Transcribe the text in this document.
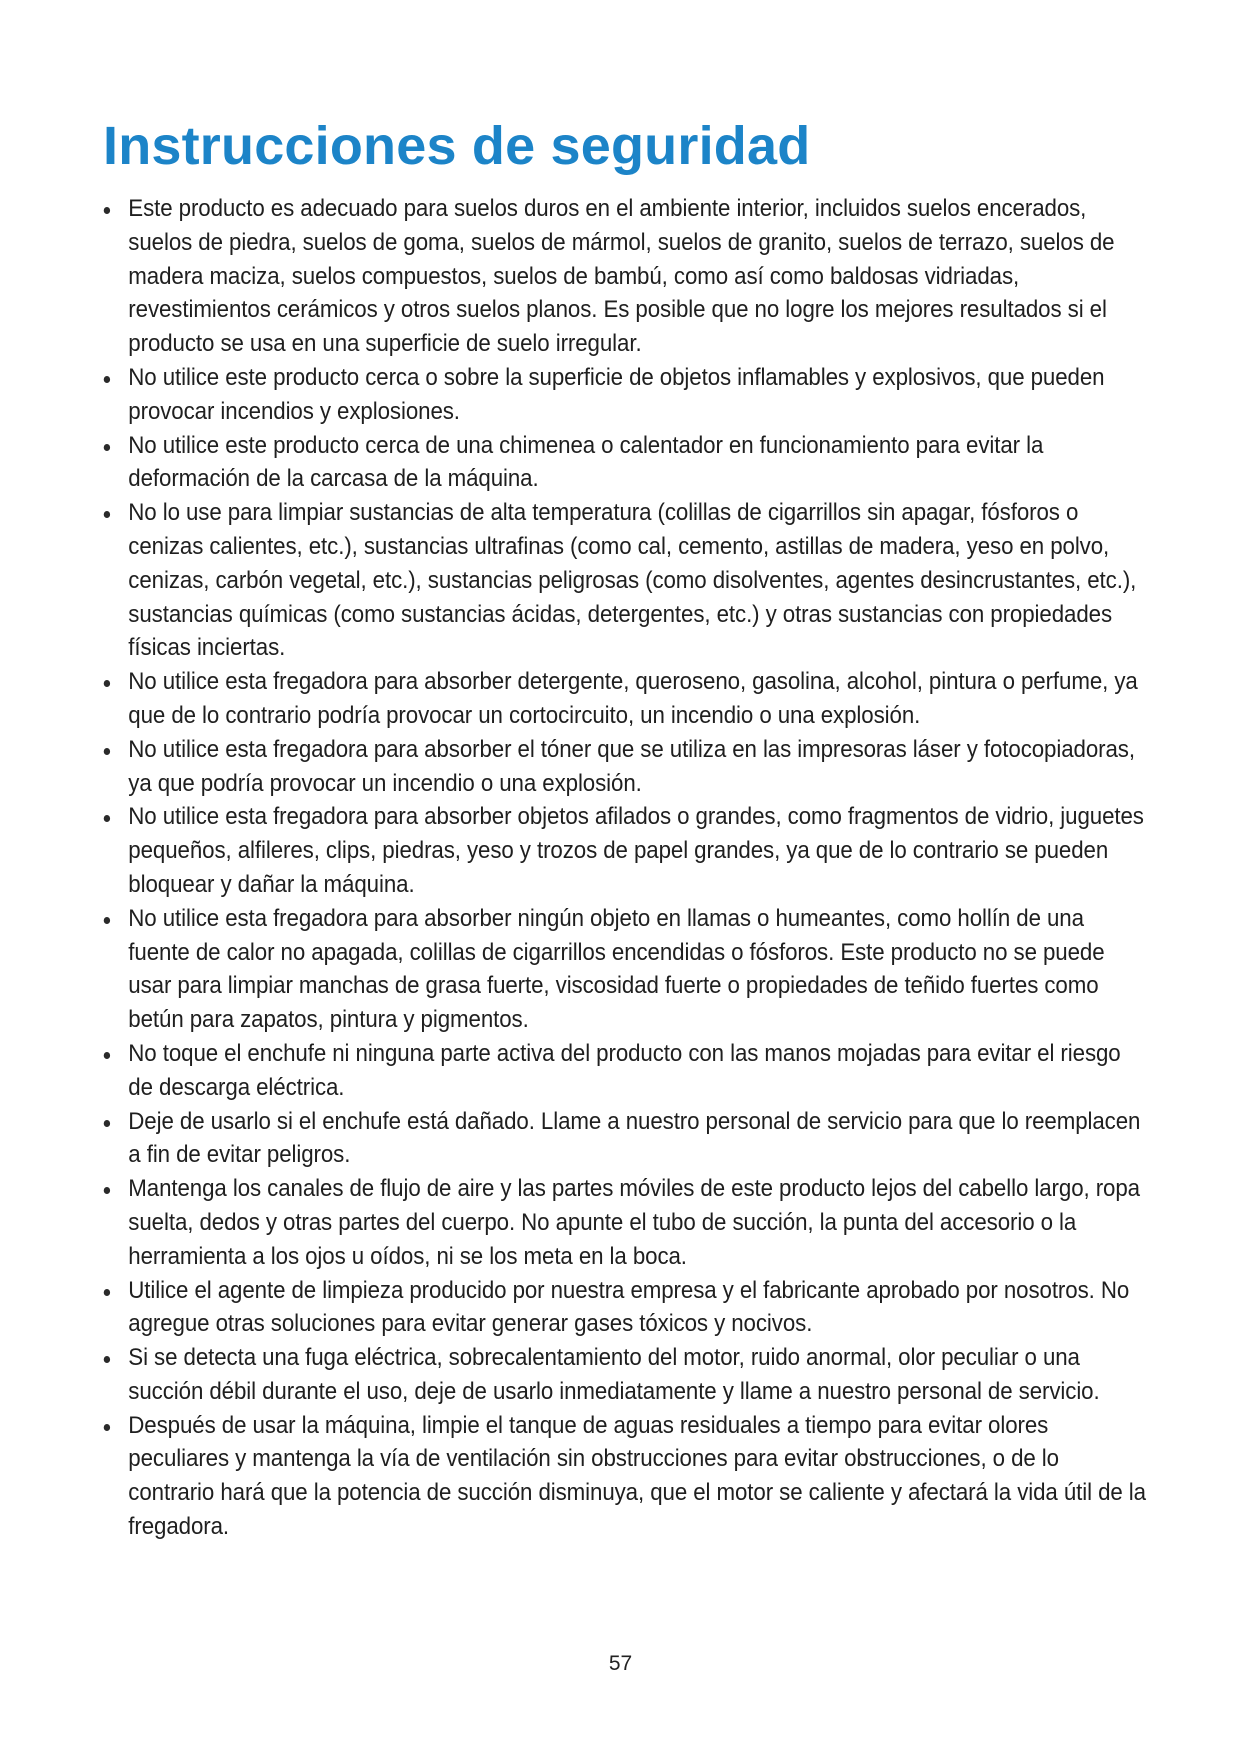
Instrucciones de seguridad
Este producto es adecuado para suelos duros en el ambiente interior, incluidos suelos encerados, suelos de piedra, suelos de goma, suelos de mármol, suelos de granito, suelos de terrazo, suelos de madera maciza, suelos compuestos, suelos de bambú, como así como baldosas vidriadas, revestimientos cerámicos y otros suelos planos. Es posible que no logre los mejores resultados si el producto se usa en una superficie de suelo irregular.
No utilice este producto cerca o sobre la superficie de objetos inflamables y explosivos, que pueden provocar incendios y explosiones.
No utilice este producto cerca de una chimenea o calentador en funcionamiento para evitar la deformación de la carcasa de la máquina.
No lo use para limpiar sustancias de alta temperatura (colillas de cigarrillos sin apagar, fósforos o cenizas calientes, etc.), sustancias ultrafinas (como cal, cemento, astillas de madera, yeso en polvo, cenizas, carbón vegetal, etc.), sustancias peligrosas (como disolventes, agentes desincrustantes, etc.), sustancias químicas (como sustancias ácidas, detergentes, etc.) y otras sustancias con propiedades físicas inciertas.
No utilice esta fregadora para absorber detergente, queroseno, gasolina, alcohol, pintura o perfume, ya que de lo contrario podría provocar un cortocircuito, un incendio o una explosión.
No utilice esta fregadora para absorber el tóner que se utiliza en las impresoras láser y fotocopiadoras, ya que podría provocar un incendio o una explosión.
No utilice esta fregadora para absorber objetos afilados o grandes, como fragmentos de vidrio, juguetes pequeños, alfileres, clips, piedras, yeso y trozos de papel grandes, ya que de lo contrario se pueden bloquear y dañar la máquina.
No utilice esta fregadora para absorber ningún objeto en llamas o humeantes, como hollín de una fuente de calor no apagada, colillas de cigarrillos encendidas o fósforos. Este producto no se puede usar para limpiar manchas de grasa fuerte, viscosidad fuerte o propiedades de teñido fuertes como betún para zapatos, pintura y pigmentos.
No toque el enchufe ni ninguna parte activa del producto con las manos mojadas para evitar el riesgo de descarga eléctrica.
Deje de usarlo si el enchufe está dañado. Llame a nuestro personal de servicio para que lo reemplacen a fin de evitar peligros.
Mantenga los canales de flujo de aire y las partes móviles de este producto lejos del cabello largo, ropa suelta, dedos y otras partes del cuerpo. No apunte el tubo de succión, la punta del accesorio o la herramienta a los ojos u oídos, ni se los meta en la boca.
Utilice el agente de limpieza producido por nuestra empresa y el fabricante aprobado por nosotros. No agregue otras soluciones para evitar generar gases tóxicos y nocivos.
Si se detecta una fuga eléctrica, sobrecalentamiento del motor, ruido anormal, olor peculiar o una succión débil durante el uso, deje de usarlo inmediatamente y llame a nuestro personal de servicio.
Después de usar la máquina, limpie el tanque de aguas residuales a tiempo para evitar olores peculiares y mantenga la vía de ventilación sin obstrucciones para evitar obstrucciones, o de lo contrario hará que la potencia de succión disminuya, que el motor se caliente y afectará la vida útil de la fregadora.
57
